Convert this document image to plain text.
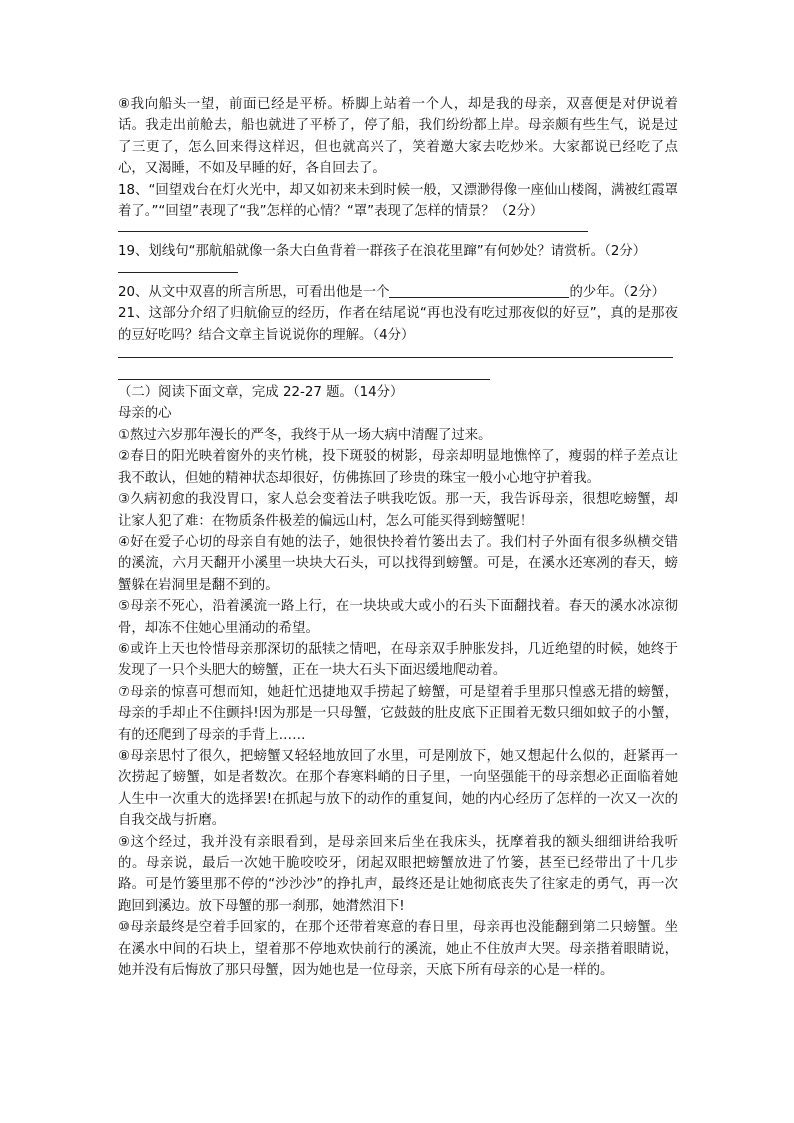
⑧我向船头一望，前面已经是平桥。桥脚上站着一个人，却是我的母亲，双喜便是对伊说着话。我走出前舱去，船也就进了平桥了，停了船，我们纷纷都上岸。母亲颇有些生气，说是过了三更了，怎么回来得这样迟，但也就高兴了，笑着邀大家去吃炒米。大家都说已经吃了点心，又渴睡，不如及早睡的好，各自回去了。

18、“回望戏台在灯火光中，却又如初来未到时候一般，又漂渺得像一座仙山楼阁，满被红霞罩着了。”“回望”表现了“我”怎样的心情？“罩”表现了怎样的情景？（2分）

19、划线句“那航船就像一条大白鱼背着一群孩子在浪花里蹿”有何妙处？请赏析。（2分）

20、从文中双喜的所言所思，可看出他是一个	的少年。（2分）

21、这部分介绍了归航偷豆的经历，作者在结尾说“再也没有吃过那夜似的好豆”，真的是那夜的豆好吃吗？结合文章主旨说说你的理解。（4分）

（二）阅读下面文章，完成 22-27 题。（14分）

母亲的心

①熬过六岁那年漫长的严冬，我终于从一场大病中清醒了过来。

②春日的阳光映着窗外的夹竹桃，投下斑驳的树影，母亲却明显地憔悴了，瘦弱的样子差点让我不敢认，但她的精神状态却很好，仿佛拣回了珍贵的珠宝一般小心地守护着我。

③久病初愈的我没胃口，家人总会变着法子哄我吃饭。那一天，我告诉母亲，很想吃螃蟹，却让家人犯了难：在物质条件极差的偏远山村，怎么可能买得到螃蟹呢！

④好在爱子心切的母亲自有她的法子，她很快拎着竹篓出去了。我们村子外面有很多纵横交错的溪流，六月天翻开小溪里一块块大石头，可以找得到螃蟹。可是，在溪水还寒冽的春天，螃蟹躲在岩洞里是翻不到的。

⑤母亲不死心，沿着溪流一路上行，在一块块或大或小的石头下面翻找着。春天的溪水冰凉彻骨，却冻不住她心里涌动的希望。

⑥或许上天也怜惜母亲那深切的舐犊之情吧，在母亲双手肿胀发抖，几近绝望的时候，她终于发现了一只个头肥大的螃蟹，正在一块大石头下面迟缓地爬动着。

⑦母亲的惊喜可想而知，她赶忙迅捷地双手捞起了螃蟹，可是望着手里那只惶惑无措的螃蟹，母亲的手却止不住颤抖!因为那是一只母蟹，它鼓鼓的肚皮底下正围着无数只细如蚊子的小蟹，有的还爬到了母亲的手背上……

⑧母亲思忖了很久，把螃蟹又轻轻地放回了水里，可是刚放下，她又想起什么似的，赶紧再一次捞起了螃蟹，如是者数次。在那个春寒料峭的日子里，一向坚强能干的母亲想必正面临着她人生中一次重大的选择罢!在抓起与放下的动作的重复间，她的内心经历了怎样的一次又一次的自我交战与折磨。

⑨这个经过，我并没有亲眼看到，是母亲回来后坐在我床头，抚摩着我的额头细细讲给我听的。母亲说，最后一次她干脆咬咬牙，闭起双眼把螃蟹放进了竹篓，甚至已经带出了十几步路。可是竹篓里那不停的“沙沙沙”的挣扎声，最终还是让她彻底丧失了往家走的勇气，再一次跑回到溪边。放下母蟹的那一刹那，她潸然泪下!

⑩母亲最终是空着手回家的，在那个还带着寒意的春日里，母亲再也没能翻到第二只螃蟹。坐在溪水中间的石块上，望着那不停地欢快前行的溪流，她止不住放声大哭。母亲揩着眼睛说，她并没有后悔放了那只母蟹，因为她也是一位母亲，天底下所有母亲的心是一样的。
